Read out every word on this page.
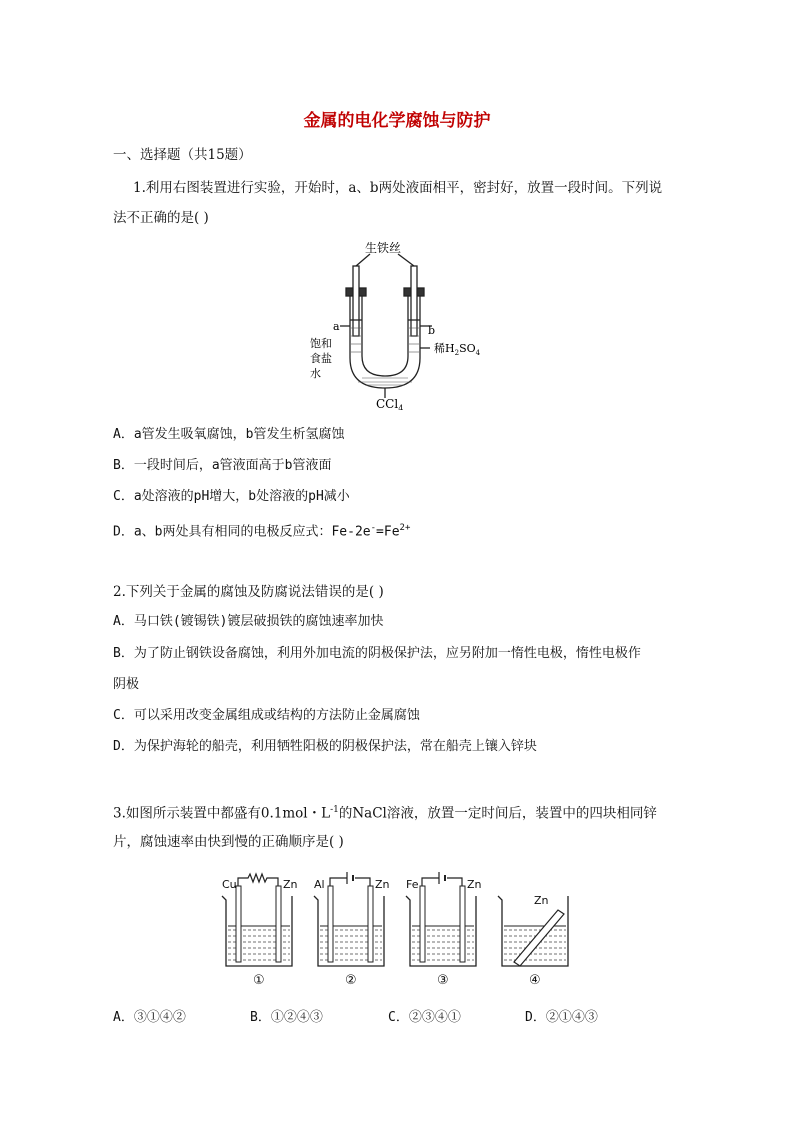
金属的电化学腐蚀与防护
一、选择题（共15题）
1.利用右图装置进行实验，开始时，a、b两处液面相平，密封好，放置一段时间。下列说
法不正确的是( )
生铁丝
a	b
饱和
食盐
水
稀$H_2SO_4$
CCl$_4$
A．a管发生吸氧腐蚀，b管发生析氢腐蚀
B．一段时间后，a管液面高于b管液面
C．a处溶液的pH增大，b处溶液的pH减小
D．a、b两处具有相同的电极反应式：$Fe-2e^-=Fe^{2+}$
2.下列关于金属的腐蚀及防腐说法错误的是( )
A．马口铁(镀锡铁)镀层破损铁的腐蚀速率加快
B．为了防止钢铁设备腐蚀，利用外加电流的阴极保护法，应另附加一惰性电极，惰性电极作
阴极
C．可以采用改变金属组成或结构的方法防止金属腐蚀
D．为保护海轮的船壳，利用牺牲阳极的阴极保护法，常在船壳上镶入锌块
3.如图所示装置中都盛有0.1mol・$L^{-1}$的NaCl溶液，放置一定时间后，装置中的四块相同锌
片，腐蚀速率由快到慢的正确顺序是( )
Cu	Zn
①
Al	Zn
②
Fe	Zn
③
Zn
④
A．③①④②	B．①②④③	C．②③④①	D．②①④③
